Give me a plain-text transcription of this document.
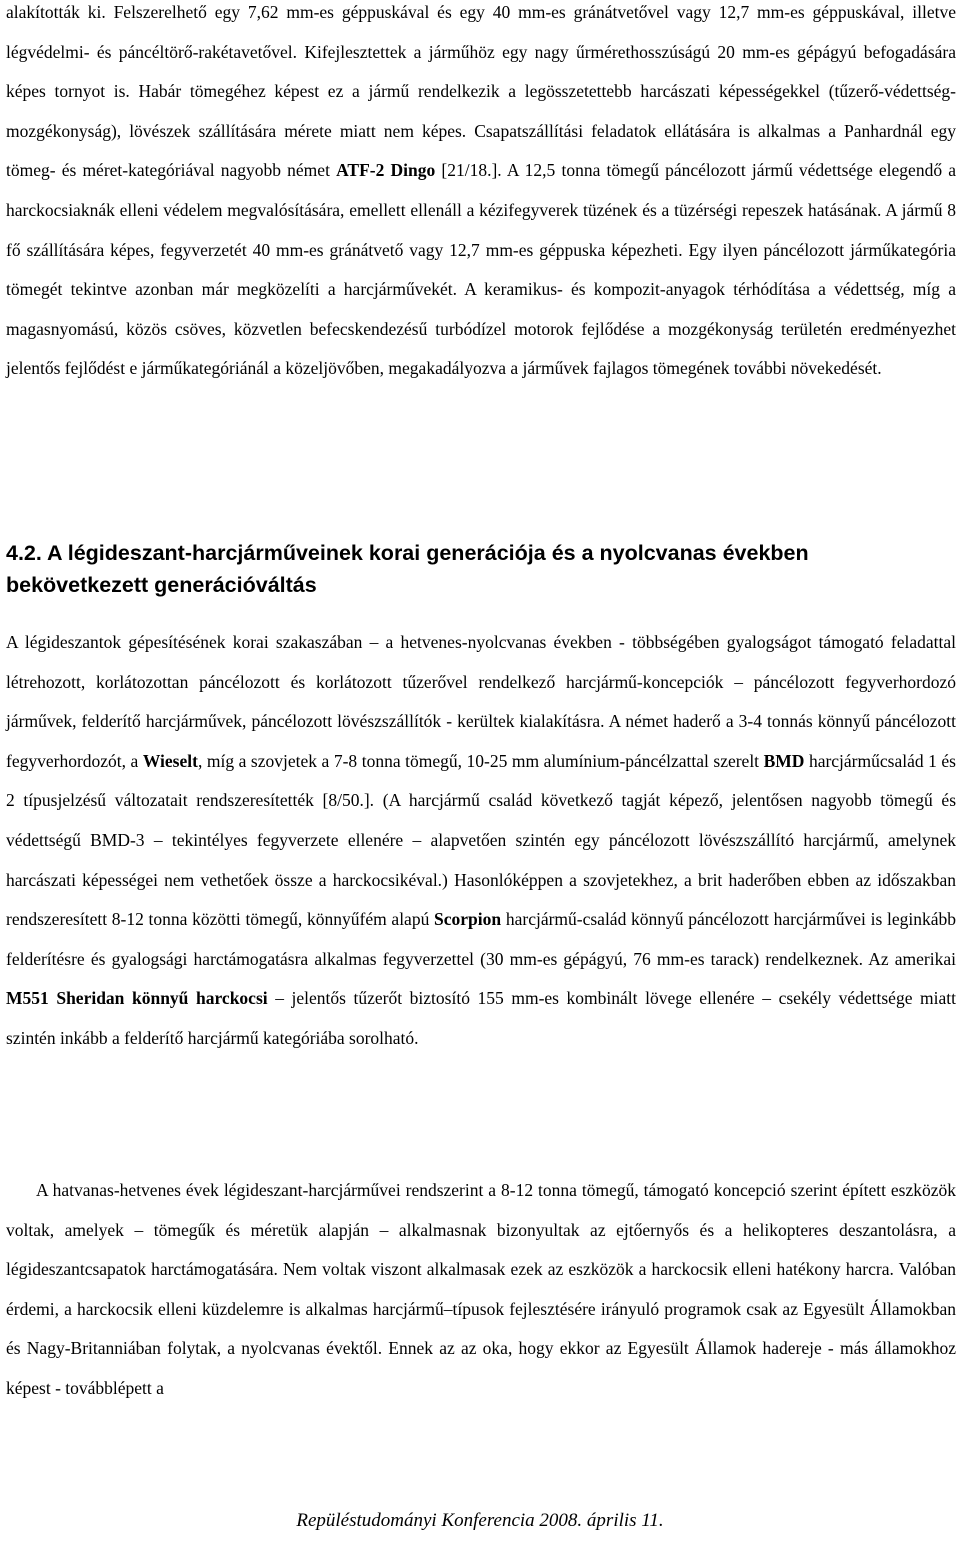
alakították ki. Felszerelhető egy 7,62 mm-es géppuskával és egy 40 mm-es gránátvetővel vagy 12,7 mm-es géppuskával, illetve légvédelmi- és páncéltörő-rakétavetővel. Kifejlesztettek a járműhöz egy nagy űrmérethosszúságú 20 mm-es gépágyú befogadására képes tornyot is. Habár tömegéhez képest ez a jármű rendelkezik a legösszetettebb harcászati képességekkel (tűzerő-védettség-mozgékonyság), lövészek szállítására mérete miatt nem képes. Csapatszállítási feladatok ellátására is alkalmas a Panhardnál egy tömeg- és méret-kategóriával nagyobb német ATF-2 Dingo [21/18.]. A 12,5 tonna tömegű páncélozott jármű védettsége elegendő a harckocsiaknák elleni védelem megvalósítására, emellett ellenáll a kézifegyverek tüzének és a tüzérségi repeszek hatásának. A jármű 8 fő szállítására képes, fegyverzetét 40 mm-es gránátvető vagy 12,7 mm-es géppuska képezheti. Egy ilyen páncélozott járműkategória tömegét tekintve azonban már megközelíti a harcjárművekét. A keramikus- és kompozit-anyagok térhódítása a védettség, míg a magasnyomású, közös csöves, közvetlen befecskendezésű turbódízel motorok fejlődése a mozgékonyság területén eredményezhet jelentős fejlődést e járműkategóriánál a közeljövőben, megakadályozva a járművek fajlagos tömegének további növekedését.

4.2. A légideszant-harcjárműveinek korai generációja és a nyolcvanas években bekövetkezett generációváltás

A légideszantok gépesítésének korai szakaszában – a hetvenes-nyolcvanas években - többségében gyalogságot támogató feladattal létrehozott, korlátozottan páncélozott és korlátozott tűzerővel rendelkező harcjármű-koncepciók – páncélozott fegyverhordozó járművek, felderítő harcjárművek, páncélozott lövészszállítók - kerültek kialakításra. A német haderő a 3-4 tonnás könnyű páncélozott fegyverhordozót, a Wieselt, míg a szovjetek a 7-8 tonna tömegű, 10-25 mm alumínium-páncélzattal szerelt BMD harcjárműcsalád 1 és 2 típusjelzésű változatait rendszeresítették [8/50.]. (A harcjármű család következő tagját képező, jelentősen nagyobb tömegű és védettségű BMD-3 – tekintélyes fegyverzete ellenére – alapvetően szintén egy páncélozott lövészszállító harcjármű, amelynek harcászati képességei nem vethetőek össze a harckocsikéval.) Hasonlóképpen a szovjetekhez, a brit haderőben ebben az időszakban rendszeresített 8-12 tonna közötti tömegű, könnyűfém alapú Scorpion harcjármű-család könnyű páncélozott harcjárművei is leginkább felderítésre és gyalogsági harctámogatásra alkalmas fegyverzettel (30 mm-es gépágyú, 76 mm-es tarack) rendelkeznek. Az amerikai M551 Sheridan könnyű harckocsi – jelentős tűzerőt biztosító 155 mm-es kombinált lövege ellenére – csekély védettsége miatt szintén inkább a felderítő harcjármű kategóriába sorolható.

A hatvanas-hetvenes évek légideszant-harcjárművei rendszerint a 8-12 tonna tömegű, támogató koncepció szerint épített eszközök voltak, amelyek – tömegűk és méretük alapján – alkalmasnak bizonyultak az ejtőernyős és a helikopteres deszantolásra, a légideszantcsapatok harctámogatására. Nem voltak viszont alkalmasak ezek az eszközök a harckocsik elleni hatékony harcra. Valóban érdemi, a harckocsik elleni küzdelemre is alkalmas harcjármű–típusok fejlesztésére irányuló programok csak az Egyesült Államokban és Nagy-Britanniában folytak, a nyolcvanas évektől. Ennek az az oka, hogy ekkor az Egyesült Államok hadereje - más államokhoz képest - továbblépett a

Repüléstudományi Konferencia 2008. április 11.
